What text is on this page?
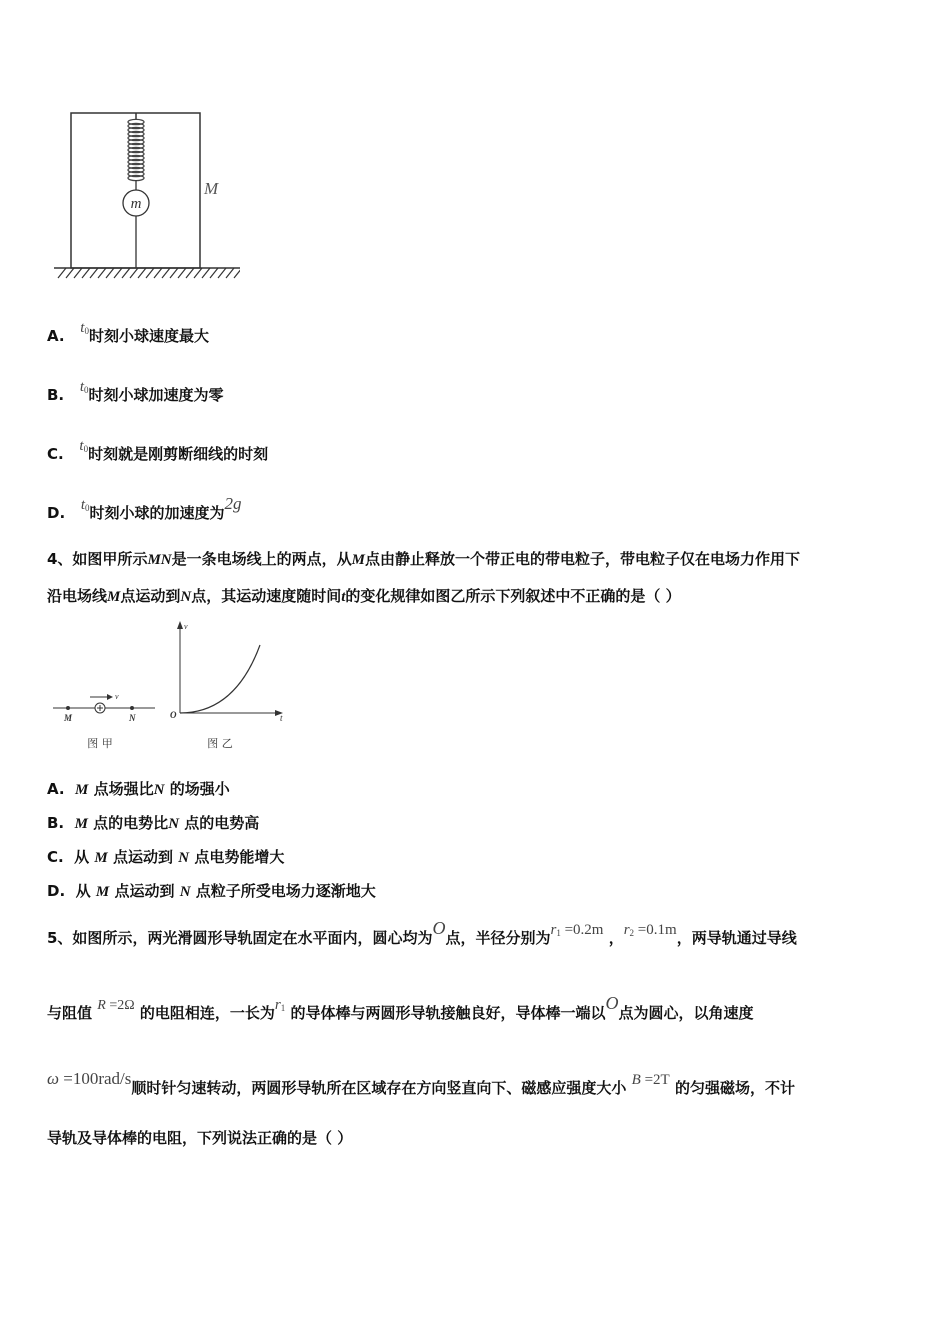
m
M
A. $t_0$时刻小球速度最大
B. $t_0$时刻小球加速度为零
C. $t_0$时刻就是刚剪断细线的时刻
D. $t_0$时刻小球的加速度为2g
4、如图甲所示MN是一条电场线上的两点，从M点由静止释放一个带正电的带电粒子，带电粒子仅在电场力作用下
沿电场线M点运动到N点，其运动速度随时间t的变化规律如图乙所示下列叙述中不正确的是（ ）
v
M	N
图 甲
v
O	t
图 乙
A. M 点场强比N 的场强小
B. M 点的电势比N 点的电势高
C. 从 M 点运动到 N 点电势能增大
D. 从 M 点运动到 N 点粒子所受电场力逐渐地大
5、如图所示，两光滑圆形导轨固定在水平面内，圆心均为O点，半径分别为$r_1 =0.2m$ ，$r_2 =0.1m$，两导轨通过导线
与阻值 R =2Ω 的电阻相连，一长为$r_1$ 的导体棒与两圆形导轨接触良好，导体棒一端以O点为圆心，以角速度
ω =100rad/s顺时针匀速转动，两圆形导轨所在区域存在方向竖直向下、磁感应强度大小 B =2T 的匀强磁场，不计
导轨及导体棒的电阻，下列说法正确的是（ ）
